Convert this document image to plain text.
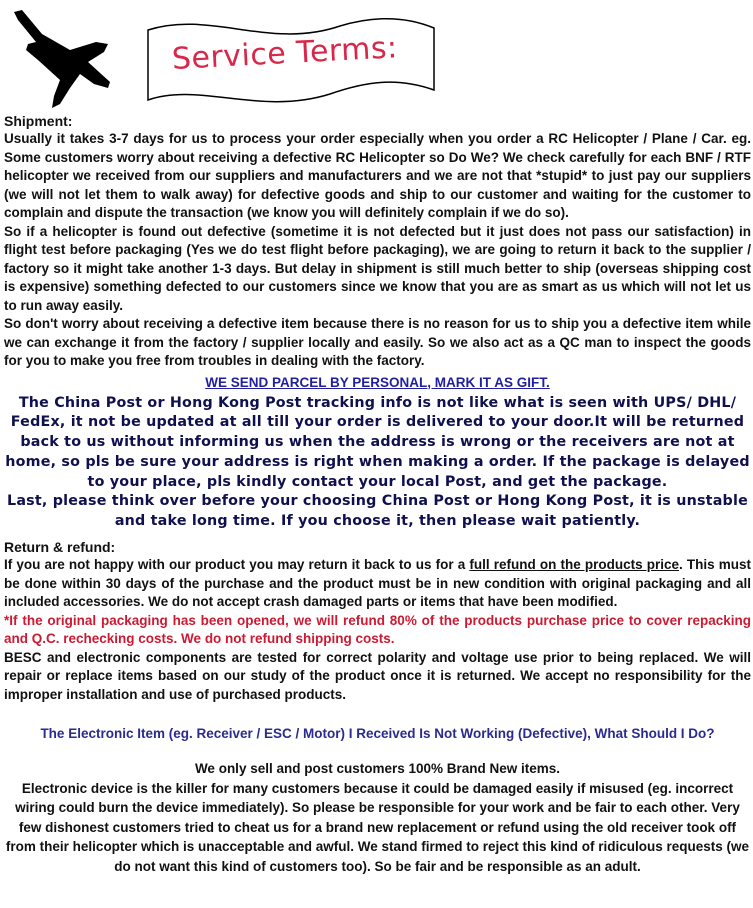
Service Terms:

Shipment:

Usually it takes 3-7 days for us to process your order especially when you order a RC Helicopter / Plane / Car. eg. Some customers worry about receiving a defective RC Helicopter so Do We? We check carefully for each BNF / RTF helicopter we received from our suppliers and manufacturers and we are not that *stupid* to just pay our suppliers (we will not let them to walk away) for defective goods and ship to our customer and waiting for the customer to complain and dispute the transaction (we know you will definitely complain if we do so).

So if a helicopter is found out defective (sometime it is not defected but it just does not pass our satisfaction) in flight test before packaging (Yes we do test flight before packaging), we are going to return it back to the supplier / factory so it might take another 1-3 days. But delay in shipment is still much better to ship (overseas shipping cost is expensive) something defected to our customers since we know that you are as smart as us which will not let us to run away easily.

So don't worry about receiving a defective item because there is no reason for us to ship you a defective item while we can exchange it from the factory / supplier locally and easily. So we also act as a QC man to inspect the goods for you to make you free from troubles in dealing with the factory.

WE SEND PARCEL BY PERSONAL, MARK IT AS GIFT.

The China Post or Hong Kong Post tracking info is not like what is seen with UPS/ DHL/ FedEx, it not be updated at all till your order is delivered to your door.It will be returned back to us without informing us when the address is wrong or the receivers are not at home, so pls be sure your address is right when making a order. If the package is delayed to your place, pls kindly contact your local Post, and get the package.
Last, please think over before your choosing China Post or Hong Kong Post, it is unstable and take long time. If you choose it, then please wait patiently.

Return & refund:

If you are not happy with our product you may return it back to us for a full refund on the products price. This must be done within 30 days of the purchase and the product must be in new condition with original packaging and all included accessories. We do not accept crash damaged parts or items that have been modified.

*If the original packaging has been opened, we will refund 80% of the products purchase price to cover repacking and Q.C. rechecking costs. We do not refund shipping costs.

BESC and electronic components are tested for correct polarity and voltage use prior to being replaced. We will repair or replace items based on our study of the product once it is returned. We accept no responsibility for the improper installation and use of purchased products.

The Electronic Item (eg. Receiver / ESC / Motor) I Received Is Not Working (Defective), What Should I Do?

We only sell and post customers 100% Brand New items.

Electronic device is the killer for many customers because it could be damaged easily if misused (eg. incorrect wiring could burn the device immediately). So please be responsible for your work and be fair to each other. Very few dishonest customers tried to cheat us for a brand new replacement or refund using the old receiver took off from their helicopter which is unacceptable and awful. We stand firmed to reject this kind of ridiculous requests (we do not want this kind of customers too). So be fair and be responsible as an adult.
